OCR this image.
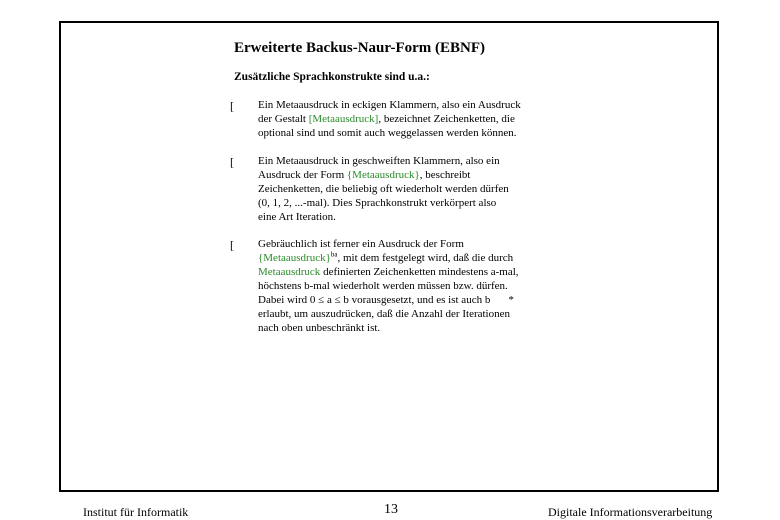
Erweiterte Backus-Naur-Form (EBNF)
Zusätzliche Sprachkonstrukte sind u.a.:
[ Ein Metaausdruck in eckigen Klammern, also ein Ausdruck
der Gestalt [Metaausdruck], bezeichnet Zeichenketten, die
optional sind und somit auch weggelassen werden können.
[ Ein Metaausdruck in geschweiften Klammern, also ein
Ausdruck der Form {Metaausdruck}, beschreibt
Zeichenketten, die beliebig oft wiederholt werden dürfen
(0, 1, 2, ...-mal). Dies Sprachkonstrukt verkörpert also
eine Art Iteration.
[ Gebräuchlich ist ferner ein Ausdruck der Form
{Metaausdruck}$^{ba}$, mit dem festgelegt wird, daß die durch
Metaausdruck definierten Zeichenketten mindestens a-mal,
höchstens b-mal wiederholt werden müssen bzw. dürfen.
Dabei wird 0 ≤ a ≤ b vorausgesetzt, und es ist auch b *
erlaubt, um auszudrücken, daß die Anzahl der Iterationen
nach oben unbeschränkt ist.
Institut für Informatik	13	Digitale Informationsverarbeitung
